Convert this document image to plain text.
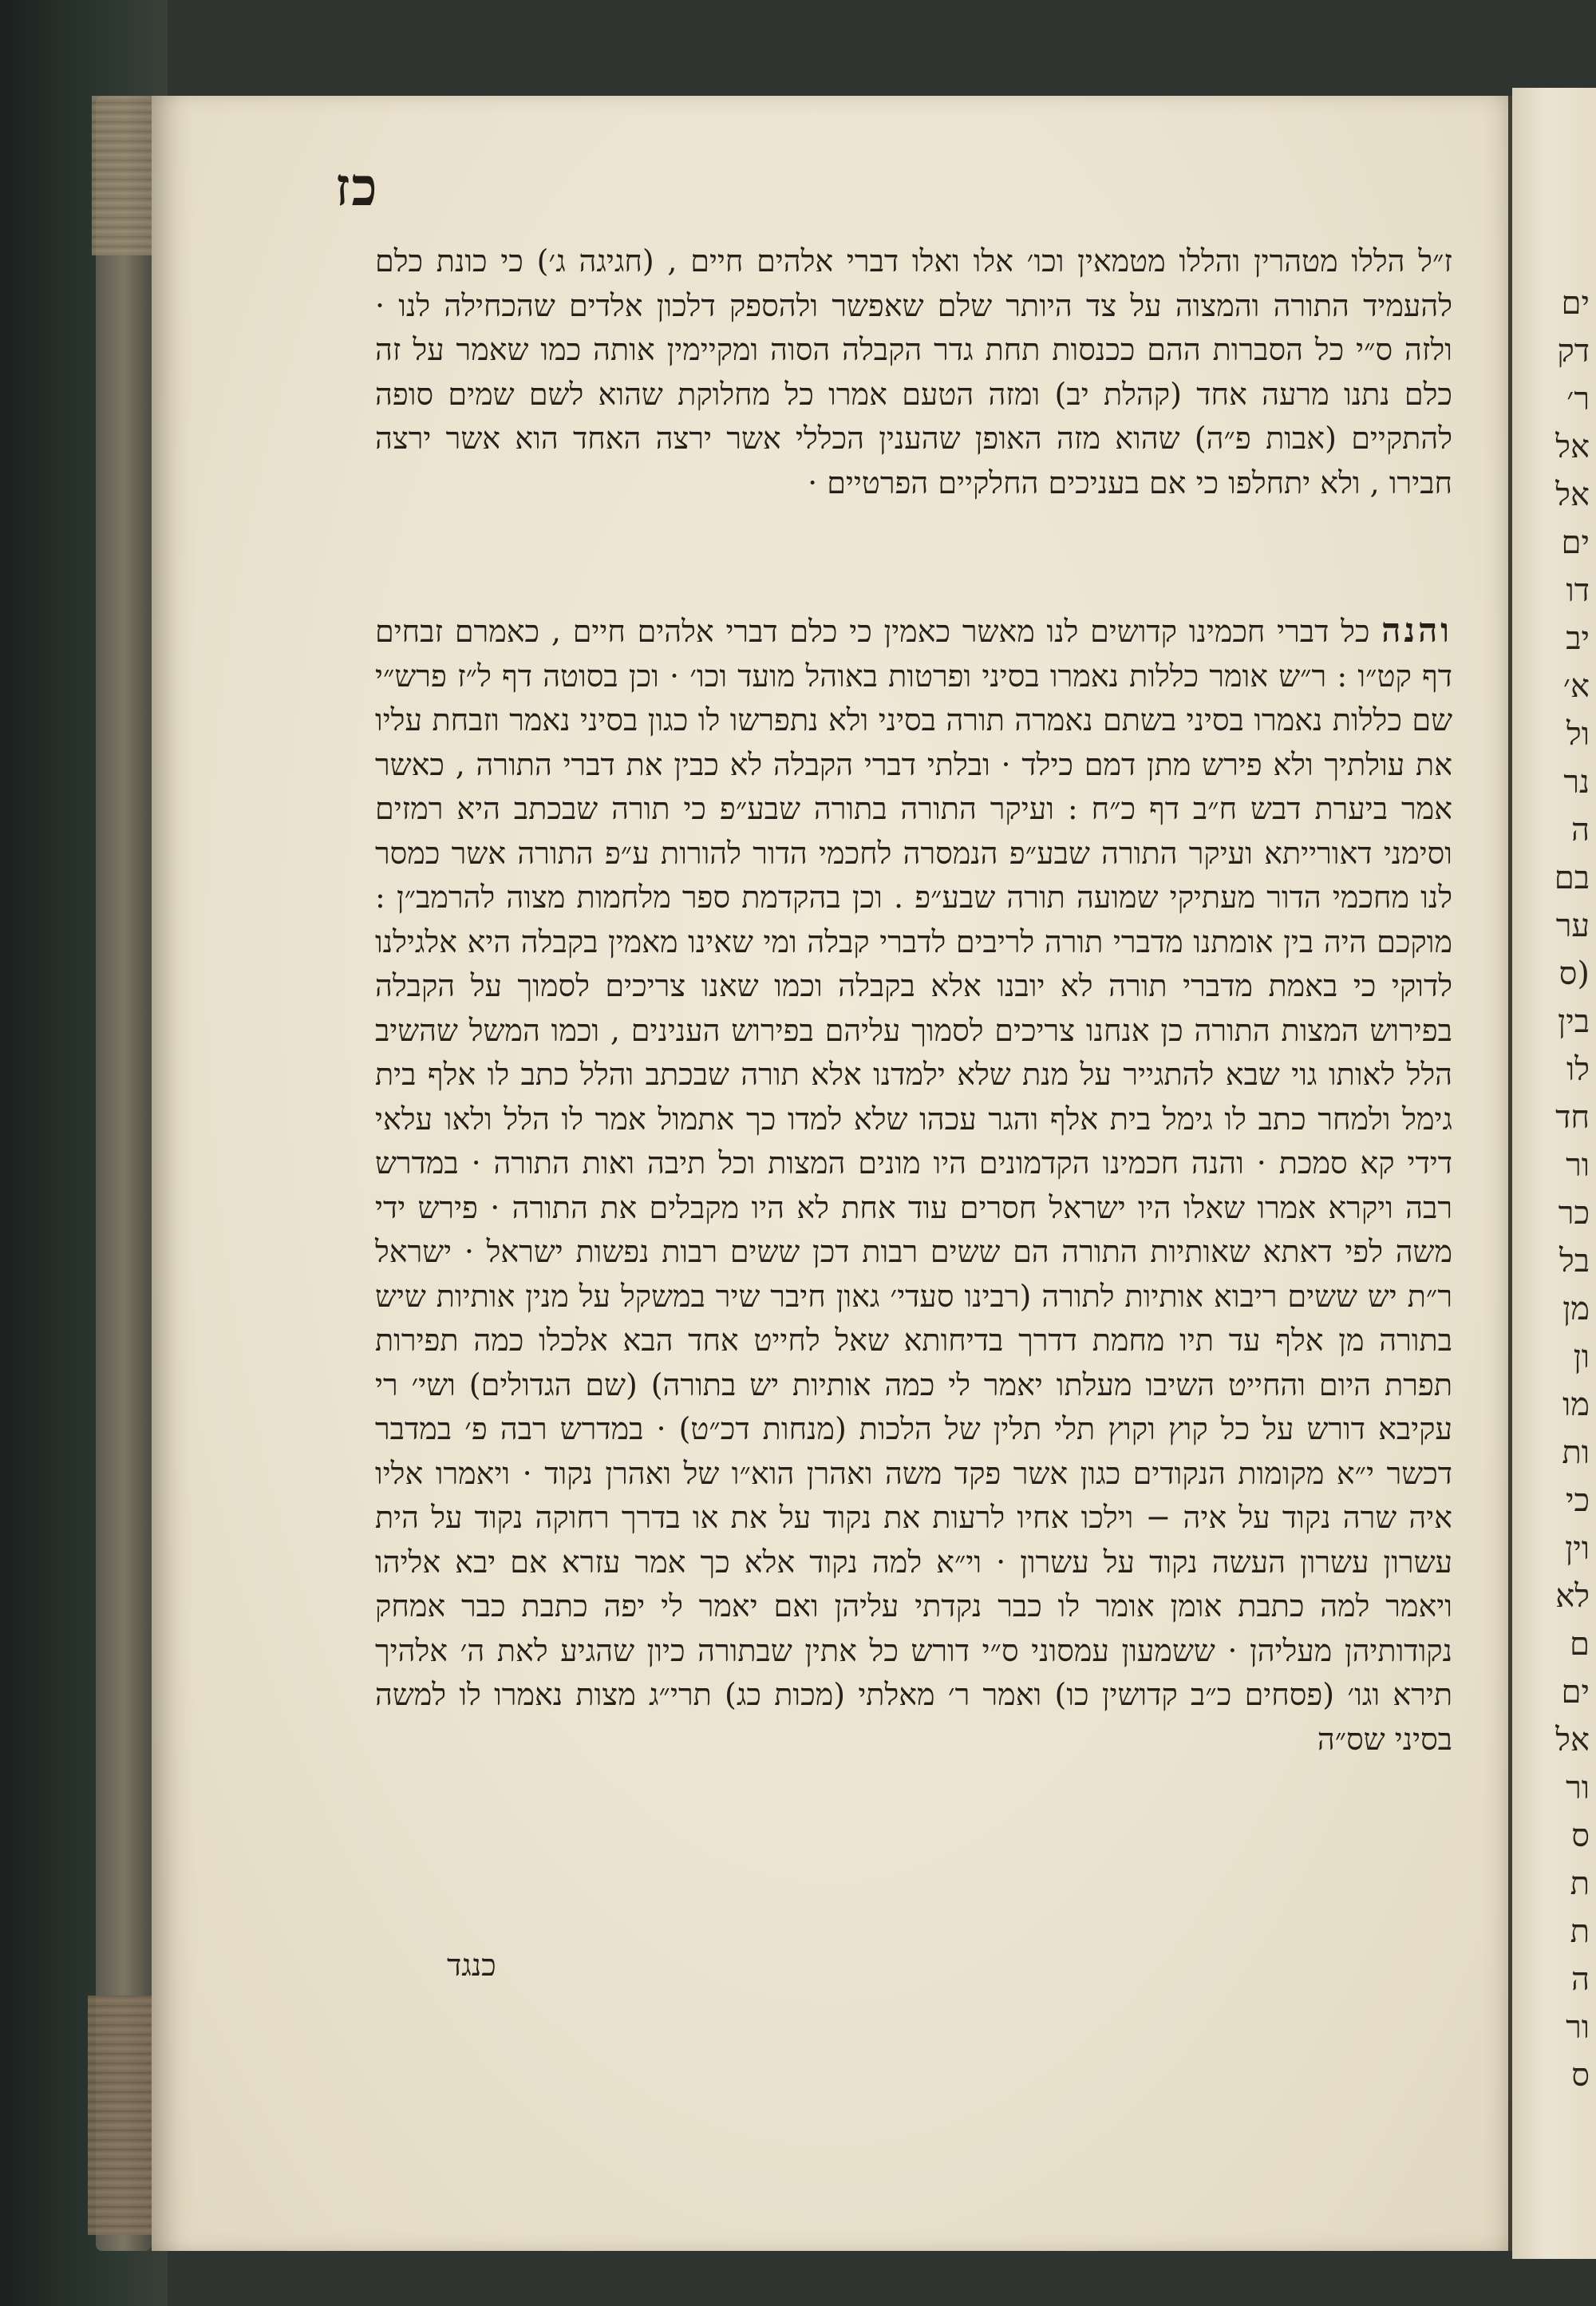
ים
דק
ר׳
אל
אל
ים
דו
יב
א׳
ול
נר
ה
בם
ער
(ס
בין
לו
חד
ור
כר
בל
מן
ון
מו
ות
כי
וין
לא
ם
ים
אל
ור
ס
ת
ת
ה
ור
ס
כז

ז״ל הללו מטהרין והללו מטמאין וכו׳ אלו ואלו דברי אלהים חיים , (חגיגה ג׳) כי כונת כלם להעמיד התורה והמצוה על צד היותר שלם שאפשר ולהספק דלכון אלדים שהכחילה לנו · ולזה ס״י כל הסברות ההם ככנסות תחת גדר הקבלה הסוה ומקיימין אותה כמו שאמר על זה כלם נתנו מרעה אחד (קהלת יב) ומזה הטעם אמרו כל מחלוקת שהוא לשם שמים סופה להתקיים (אבות פ״ה) שהוא מזה האופן שהענין הכללי אשר ירצה האחד הוא אשר ירצה חבירו , ולא יתחלפו כי אם בעניכים החלקיים הפרטיים ·

והנה כל דברי חכמינו קדושים לנו מאשר כאמין כי כלם דברי אלהים חיים , כאמרם זבחים דף קט״ו : ר״ש אומר כללות נאמרו בסיני ופרטות באוהל מועד וכו׳ · וכן בסוטה דף ל״ז פרש״י שם כללות נאמרו בסיני בשתם נאמרה תורה בסיני ולא נתפרשו לו כגון בסיני נאמר וזבחת עליו את עולתיך ולא פירש מתן דמם כילד · ובלתי דברי הקבלה לא כבין את דברי התורה , כאשר אמר ביערת דבש ח״ב דף כ״ח : ועיקר התורה בתורה שבע״פ כי תורה שבכתב היא רמזים וסימני דאורייתא ועיקר התורה שבע״פ הנמסרה לחכמי הדור להורות ע״פ התורה אשר כמסר לנו מחכמי הדור מעתיקי שמועה תורה שבע״פ . וכן בהקדמת ספר מלחמות מצוה להרמב״ן : מוקכם היה בין אומתנו מדברי תורה לריבים לדברי קבלה ומי שאינו מאמין בקבלה היא אלגילנו לדוקי כי באמת מדברי תורה לא יובנו אלא בקבלה וכמו שאנו צריכים לסמוך על הקבלה בפירוש המצות התורה כן אנחנו צריכים לסמוך עליהם בפירוש הענינים , וכמו המשל שהשיב הלל לאותו גוי שבא להתגייר על מנת שלא ילמדנו אלא תורה שבכתב והלל כתב לו אלף בית גימל ולמחר כתב לו גימל בית אלף והגר עכהו שלא למדו כך אתמול אמר לו הלל ולאו עלאי דידי קא סמכת · והנה חכמינו הקדמונים היו מונים המצות וכל תיבה ואות התורה · במדרש רבה ויקרא אמרו שאלו היו ישראל חסרים עוד אחת לא היו מקבלים את התורה · פירש ידי משה לפי דאתא שאותיות התורה הם ששים רבות דכן ששים רבות נפשות ישראל · ישראל ר״ת יש ששים ריבוא אותיות לתורה (רבינו סעדי׳ גאון חיבר שיר במשקל על מנין אותיות שיש בתורה מן אלף עד תיו מחמת דדרך בדיחותא שאל לחייט אחד הבא אלכלו כמה תפירות תפרת היום והחייט השיבו מעלתו יאמר לי כמה אותיות יש בתורה) (שם הגדולים) ושי׳ רי עקיבא דורש על כל קוץ וקוץ תלי תלין של הלכות (מנחות דכ״ט) · במדרש רבה פ׳ במדבר דכשר י״א מקומות הנקודים כגון אשר פקד משה ואהרן הוא״ו של ואהרן נקוד · ויאמרו אליו איה שרה נקוד על איה − וילכו אחיו לרעות את נקוד על את או בדרך רחוקה נקוד על הית עשרון עשרון העשה נקוד על עשרון · וי״א למה נקוד אלא כך אמר עזרא אם יבא אליהו ויאמר למה כתבת אומן אומר לו כבר נקדתי עליהן ואם יאמר לי יפה כתבת כבר אמחק נקודותיהן מעליהן · ששמעון עמסוני ס״י דורש כל אתין שבתורה כיון שהגיע לאת ה׳ אלהיך תירא וגו׳ (פסחים כ״ב קדושין כו) ואמר ר׳ מאלתי (מכות כג) תרי״ג מצות נאמרו לו למשה בסיני שס״ה

כנגד
